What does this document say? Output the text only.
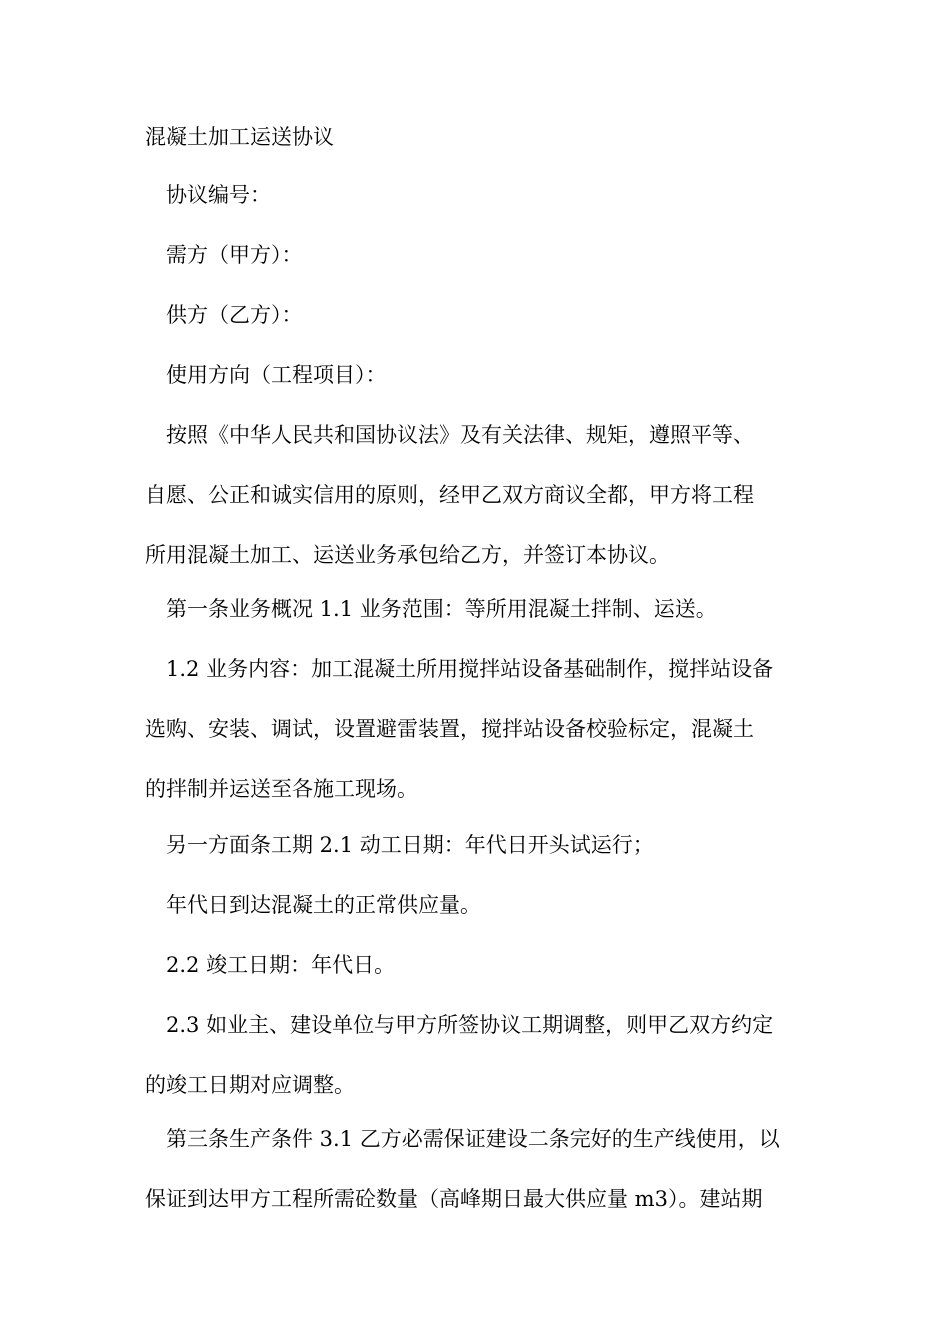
混凝土加工运送协议
协议编号：
需方（甲方）：
供方（乙方）：
使用方向（工程项目）：
按照《中华人民共和国协议法》及有关法律、规矩，遵照平等、
自愿、公正和诚实信用的原则，经甲乙双方商议全都，甲方将工程
所用混凝土加工、运送业务承包给乙方，并签订本协议。
第一条业务概况 1.1 业务范围：等所用混凝土拌制、运送。
1.2 业务内容：加工混凝土所用搅拌站设备基础制作，搅拌站设备
选购、安装、调试，设置避雷装置，搅拌站设备校验标定，混凝土
的拌制并运送至各施工现场。
另一方面条工期 2.1 动工日期：年代日开头试运行；
年代日到达混凝土的正常供应量。
2.2 竣工日期：年代日。
2.3 如业主、建设单位与甲方所签协议工期调整，则甲乙双方约定
的竣工日期对应调整。
第三条生产条件 3.1 乙方必需保证建设二条完好的生产线使用，以
保证到达甲方工程所需砼数量（高峰期日最大供应量 m3）。建站期
